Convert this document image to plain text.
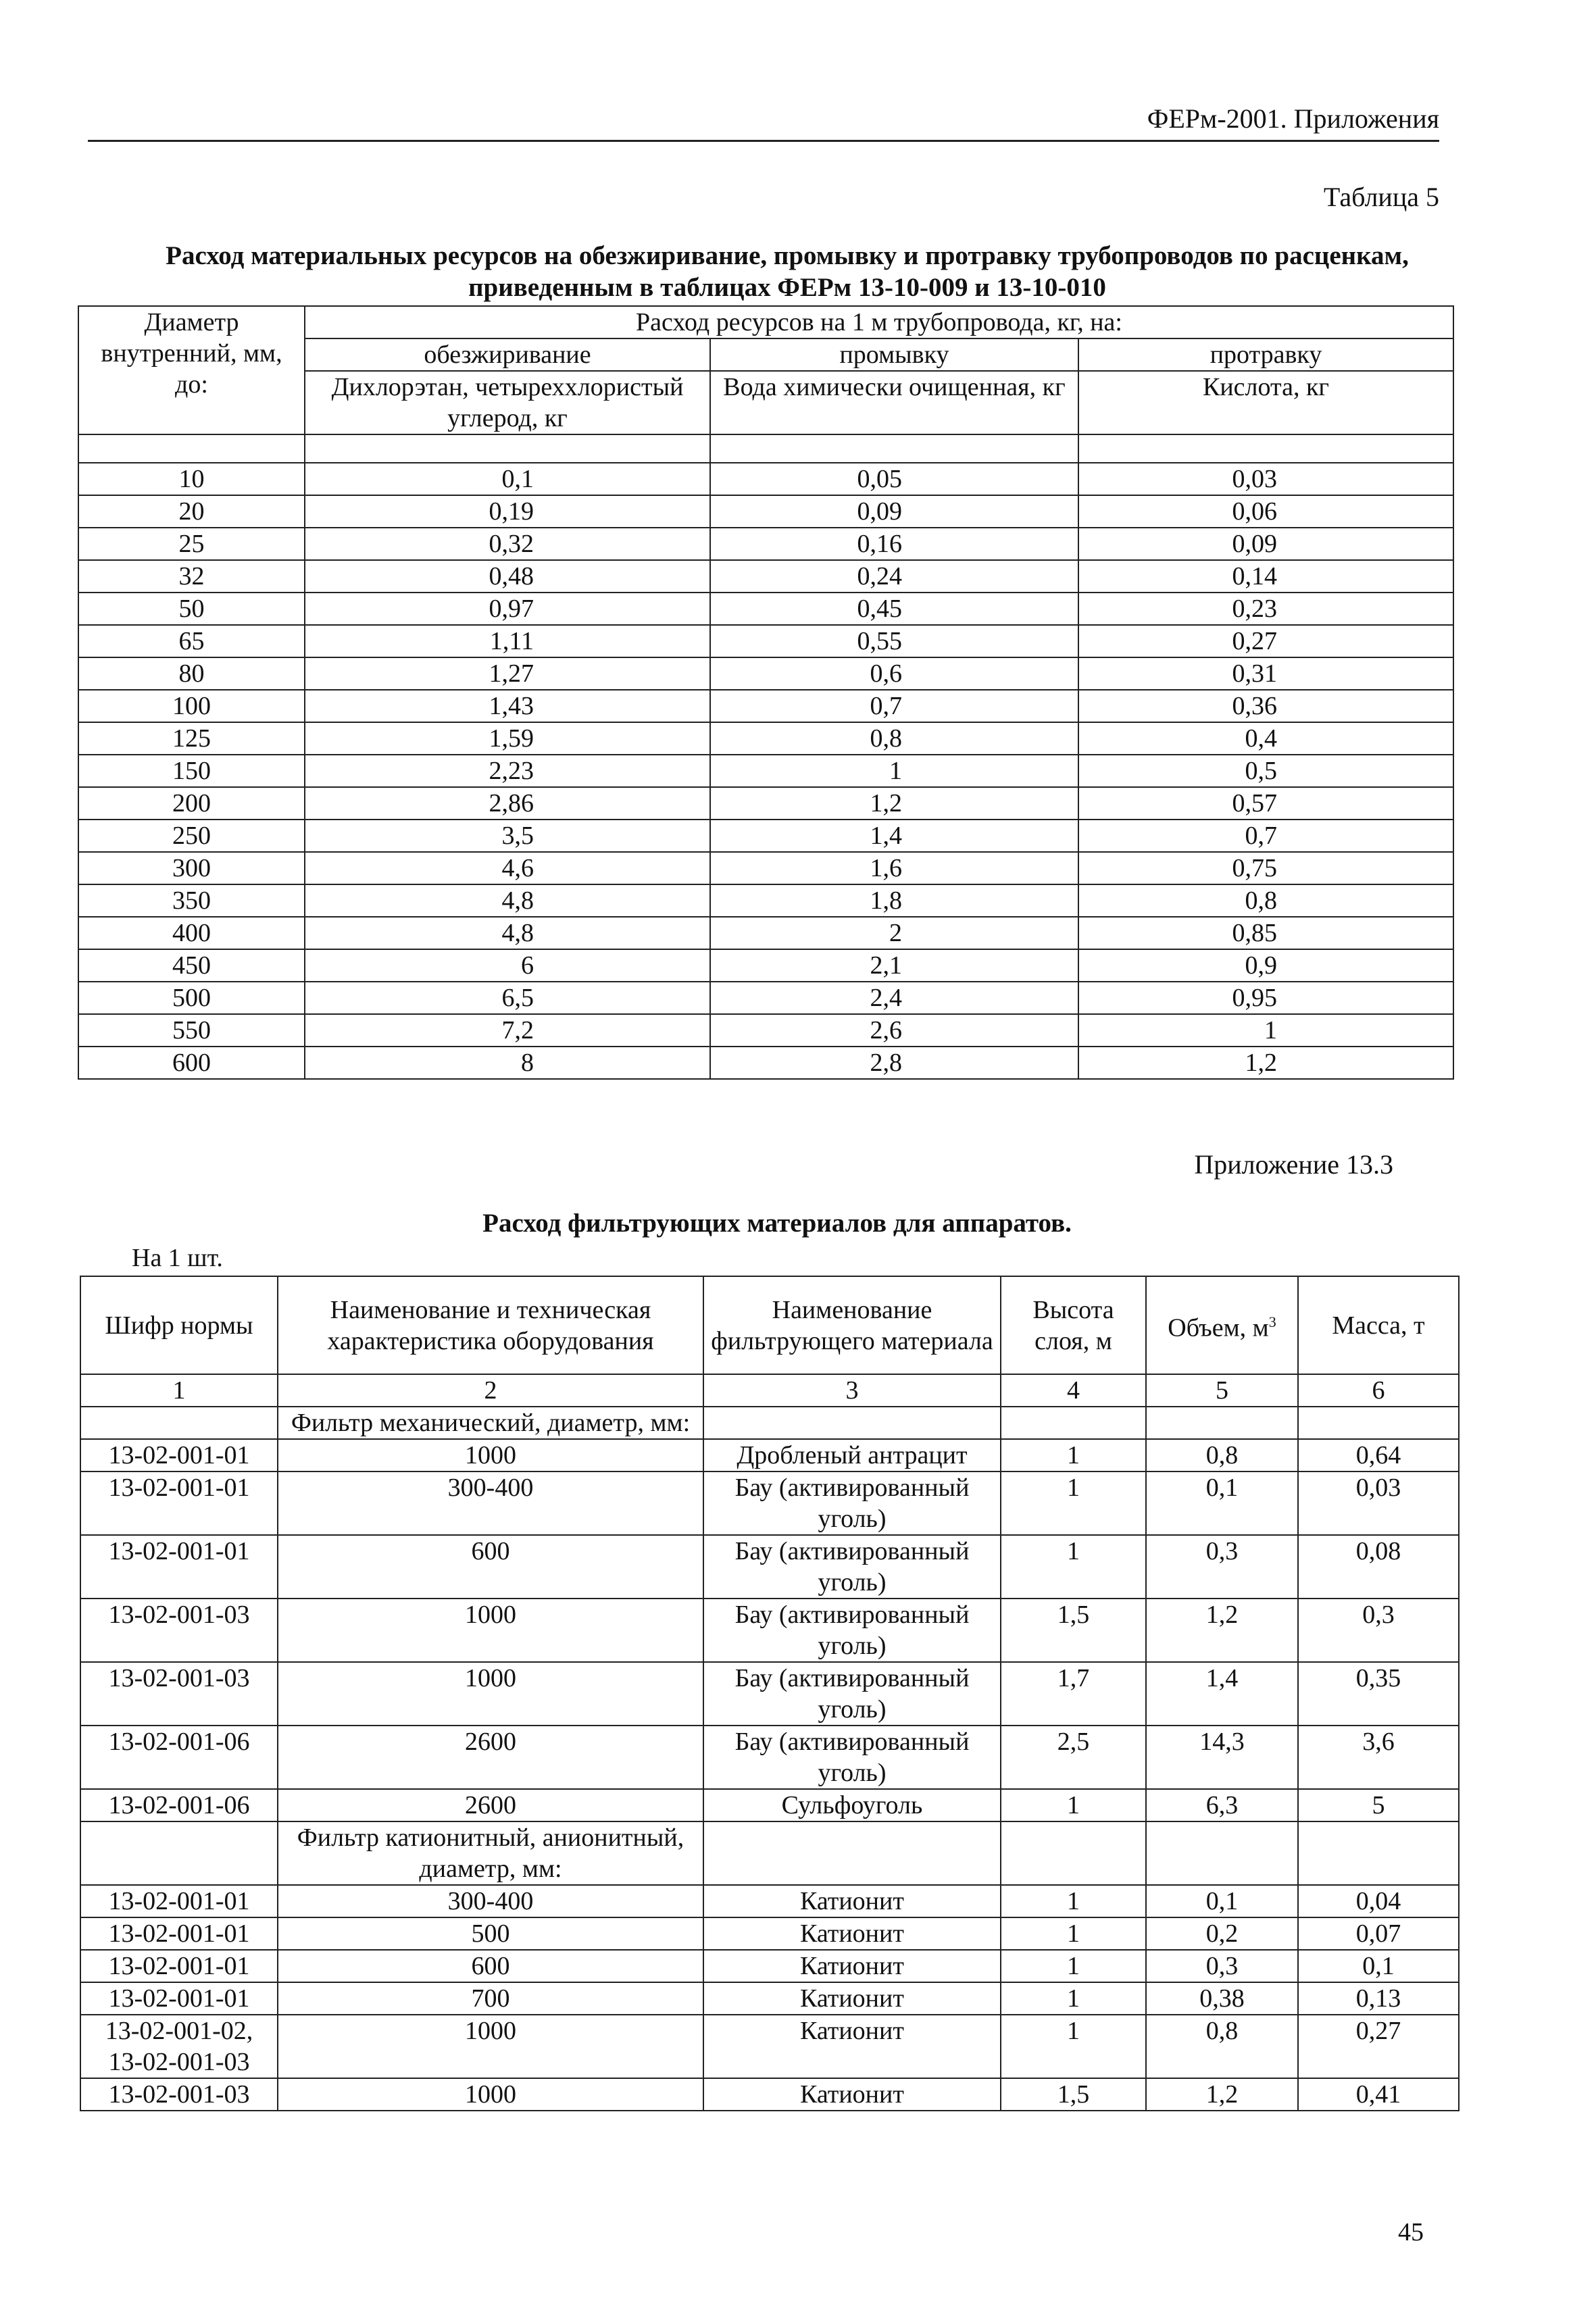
ФЕРм-2001. Приложения
Таблица 5
Расход материальных ресурсов на обезжиривание, промывку и протравку трубопроводов по расценкам, приведенным в таблицах ФЕРм 13-10-009 и 13-10-010
Диаметр внутренний, мм, до:	Расход ресурсов на 1 м трубопровода, кг, на:		
	обезжиривание	промывку	протравку
	Дихлорэтан, четыреххлористый углерод, кг	Вода химически очищенная, кг	Кислота, кг

10	0,1	0,05	0,03
20	0,19	0,09	0,06
25	0,32	0,16	0,09
32	0,48	0,24	0,14
50	0,97	0,45	0,23
65	1,11	0,55	0,27
80	1,27	0,6	0,31
100	1,43	0,7	0,36
125	1,59	0,8	0,4
150	2,23	1	0,5
200	2,86	1,2	0,57
250	3,5	1,4	0,7
300	4,6	1,6	0,75
350	4,8	1,8	0,8
400	4,8	2	0,85
450	6	2,1	0,9
500	6,5	2,4	0,95
550	7,2	2,6	1
600	8	2,8	1,2
Приложение 13.3
Расход фильтрующих материалов для аппаратов.
На 1 шт.
Шифр нормы	Наименование и техническая характеристика оборудования	Наименование фильтрующего материала	Высота слоя, м	Объем, $м^3$	Масса, т
1	2	3	4	5	6
	Фильтр механический, диаметр, мм:				
13-02-001-01	1000	Дробленый антрацит	1	0,8	0,64
13-02-001-01	300-400	Бау (активированный уголь)	1	0,1	0,03
13-02-001-01	600	Бау (активированный уголь)	1	0,3	0,08
13-02-001-03	1000	Бау (активированный уголь)	1,5	1,2	0,3
13-02-001-03	1000	Бау (активированный уголь)	1,7	1,4	0,35
13-02-001-06	2600	Бау (активированный уголь)	2,5	14,3	3,6
13-02-001-06	2600	Сульфоуголь	1	6,3	5
	Фильтр катионитный, анионитный, диаметр, мм:				
13-02-001-01	300-400	Катионит	1	0,1	0,04
13-02-001-01	500	Катионит	1	0,2	0,07
13-02-001-01	600	Катионит	1	0,3	0,1
13-02-001-01	700	Катионит	1	0,38	0,13
13-02-001-02, 13-02-001-03	1000	Катионит	1	0,8	0,27
13-02-001-03	1000	Катионит	1,5	1,2	0,41
45
